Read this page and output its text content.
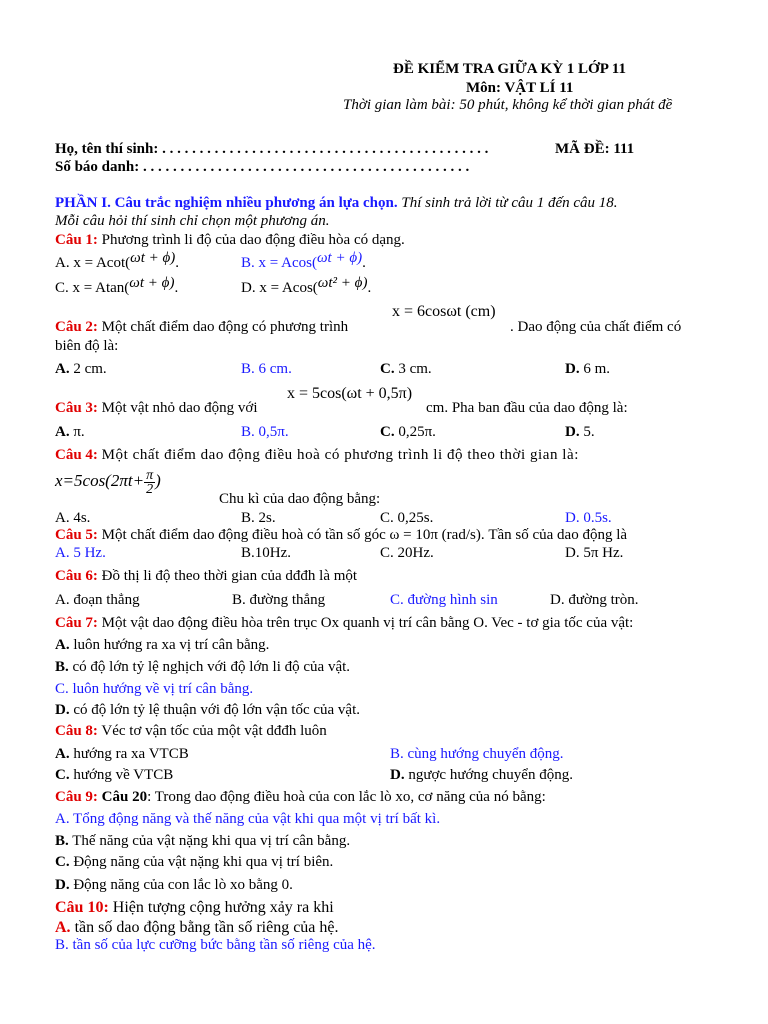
ĐỀ KIỂM TRA GIỮA KỲ 1 LỚP 11
Môn: VẬT LÍ 11
Thời gian làm bài: 50 phút, không kể thời gian phát đề
Họ, tên thí sinh: . . . . . . . . . . . . . . . . . . . . . . . . . . . . . . . . . . . . . . . . . . . .	MÃ ĐỀ: 111
Số báo danh: . . . . . . . . . . . . . . . . . . . . . . . . . . . . . . . . . . . . . . . . . . . .
PHẦN I. Câu trắc nghiệm nhiều phương án lựa chọn. Thí sinh trả lời từ câu 1 đến câu 18.
Mỗi câu hỏi thí sinh chỉ chọn một phương án.
Câu 1: Phương trình li độ của dao động điều hòa có dạng.
A. x = Acot(ωt + ϕ).	B. x = Acos(ωt + ϕ).
C. x = Atan(ωt + ϕ).	D. x = Acos(ωt² + ϕ).
x = 6cosωt (cm)
Câu 2: Một chất điểm dao động có phương trình	. Dao động của chất điểm có
biên độ là:
A. 2 cm.	B. 6 cm.	C. 3 cm.	D. 6 m.
x = 5cos(ωt + 0,5π)
Câu 3: Một vật nhỏ dao động với	cm. Pha ban đầu của dao động là:
A. π.	B. 0,5π.	C. 0,25π.	D. 5.
Câu 4: Một chất điểm dao động điều hoà có phương trình li độ theo thời gian là:
$x=5\cos(2\pi t+ \frac{\pi}{2}$ )
Chu kì của dao động bằng:
A. 4s.	B. 2s.	C. 0,25s.	D. 0.5s.
Câu 5: Một chất điểm dao động điều hoà có tần số góc ω = 10π (rad/s). Tần số của dao động là
A. 5 Hz.	B.10Hz.	C. 20Hz.	D. 5π Hz.
Câu 6: Đồ thị li độ theo thời gian của dđđh là một
A. đoạn thẳng	B. đường thẳng	C. đường hình sin	D. đường tròn.
Câu 7: Một vật dao động điều hòa trên trục Ox quanh vị trí cân bằng O. Vec - tơ gia tốc của vật:
A. luôn hướng ra xa vị trí cân bằng.
B. có độ lớn tỷ lệ nghịch với độ lớn li độ của vật.
C. luôn hướng về vị trí cân bằng.
D. có độ lớn tỷ lệ thuận với độ lớn vận tốc của vật.
Câu 8: Véc tơ vận tốc của một vật dđđh luôn
A. hướng ra xa VTCB	B. cùng hướng chuyển động.
C. hướng về VTCB	D. ngược hướng chuyển động.
Câu 9: Câu 20: Trong dao động điều hoà của con lắc lò xo, cơ năng của nó bằng:
A. Tổng động năng và thế năng của vật khi qua một vị trí bất kì.
B. Thế năng của vật nặng khi qua vị trí cân bằng.
C. Động năng của vật nặng khi qua vị trí biên.
D. Động năng của con lắc lò xo bằng 0.
Câu 10: Hiện tượng cộng hưởng xảy ra khi
A. tần số dao động bằng tần số riêng của hệ.
B. tần số của lực cưỡng bức bằng tần số riêng của hệ.
